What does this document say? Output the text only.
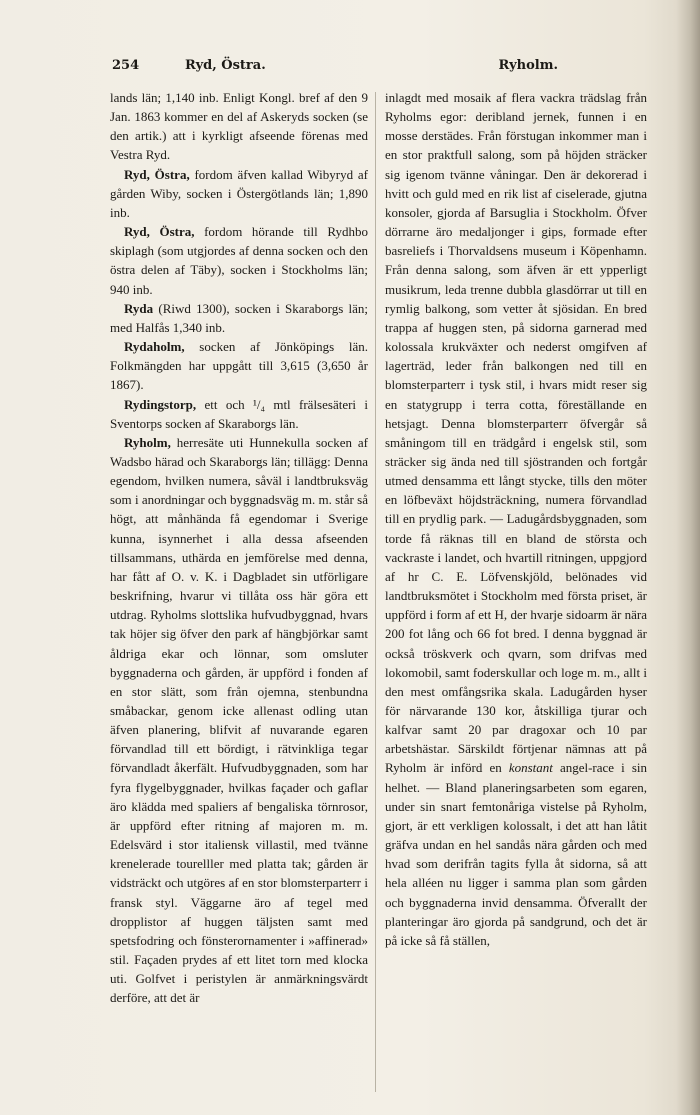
254	Ryd, Östra.	Ryholm.

lands län; 1,140 inb. Enligt Kongl. bref af den 9 Jan. 1863 kommer en del af Askeryds socken (se den artik.) att i kyrkligt afseende förenas med Vestra Ryd.

Ryd, Östra, fordom äfven kallad Wibyryd af gården Wiby, socken i Östergötlands län; 1,890 inb.

Ryd, Östra, fordom hörande till Rydhbo skiplagh (som utgjordes af denna socken och den östra delen af Täby), socken i Stockholms län; 940 inb.

Ryda (Riwd 1300), socken i Skaraborgs län; med Halfås 1,340 inb.

Rydaholm, socken af Jönköpings län. Folkmängden har uppgått till 3,615 (3,650 år 1867).

Rydingstorp, ett och ¹/₄ mtl frälsesäteri i Sventorps socken af Skaraborgs län.

Ryholm, herresäte uti Hunnekulla socken af Wadsbo härad och Skaraborgs län; tillägg: Denna egendom, hvilken numera, såväl i landtbruksväg som i anordningar och byggnadsväg m. m. står så högt, att månhända få egendomar i Sverige kunna, isynnerhet i alla dessa afseenden tillsammans, uthärda en jemförelse med denna, har fått af O. v. K. i Dagbladet sin utförligare beskrifning, hvarur vi tillåta oss här göra ett utdrag. Ryholms slottslika hufvudbyggnad, hvars tak höjer sig öfver den park af hängbjörkar samt åldriga ekar och lönnar, som omsluter byggnaderna och gården, är uppförd i fonden af en stor slätt, som från ojemna, stenbundna småbackar, genom icke allenast odling utan äfven planering, blifvit af nuvarande egaren förvandlad till ett bördigt, i rätvinkliga tegar förvandladt åkerfält. Hufvudbyggnaden, som har fyra flygelbyggnader, hvilkas façader och gaflar äro klädda med spaliers af bengaliska törnrosor, är uppförd efter ritning af majoren m. m. Edelsvärd i stor italiensk villastil, med tvänne krenelerade tourelller med platta tak; gården är vidsträckt och utgöres af en stor blomsterparterr i fransk styl. Väggarne äro af tegel med dropplistor af huggen täljsten samt med spetsfodring och fönsterornamenter i »affinerad» stil. Façaden prydes af ett litet torn med klocka uti. Golfvet i peristylen är anmärkningsvärdt derföre, att det är

inlagdt med mosaik af flera vackra trädslag från Ryholms egor: deribland jernek, funnen i en mosse derstädes. Från förstugan inkommer man i en stor praktfull salong, som på höjden sträcker sig igenom tvänne våningar. Den är dekorerad i hvitt och guld med en rik list af ciselerade, gjutna konsoler, gjorda af Barsuglia i Stockholm. Öfver dörrarne äro medaljonger i gips, formade efter basreliefs i Thorvaldsens museum i Köpenhamn. Från denna salong, som äfven är ett ypperligt musikrum, leda trenne dubbla glasdörrar ut till en rymlig balkong, som vetter åt sjösidan. En bred trappa af huggen sten, på sidorna garnerad med kolossala krukväxter och nederst omgifven af lagerträd, leder från balkongen ned till en blomsterparterr i tysk stil, i hvars midt reser sig en statygrupp i terra cotta, föreställande en hetsjagt. Denna blomsterparterr öfvergår så småningom till en trädgård i engelsk stil, som sträcker sig ända ned till sjöstranden och fortgår utmed densamma ett långt stycke, tills den möter en löfbeväxt höjdsträckning, numera förvandlad till en prydlig park. — Ladugårdsbyggnaden, som torde få räknas till en bland de största och vackraste i landet, och hvartill ritningen, uppgjord af hr C. E. Löfvenskjöld, belönades vid landtbruksmötet i Stockholm med första priset, är uppförd i form af ett H, der hvarje sidoarm är nära 200 fot lång och 66 fot bred. I denna byggnad är också tröskverk och qvarn, som drifvas med lokomobil, samt foderskullar och loge m. m., allt i den mest omfångsrika skala. Ladugården hyser för närvarande 130 kor, åtskilliga tjurar och kalfvar samt 20 par dragoxar och 10 par arbetshästar. Särskildt förtjenar nämnas att på Ryholm är införd en konstant angel-race i sin helhet. — Bland planeringsarbeten som egaren, under sin snart femtonåriga vistelse på Ryholm, gjort, är ett verkligen kolossalt, i det att han låtit gräfva undan en hel sandås nära gården och med hvad som derifrån tagits fylla åt sidorna, så att hela alléen nu ligger i samma plan som gården och byggnaderna invid densamma. Öfverallt der planteringar äro gjorda på sandgrund, och det är på icke så få ställen,
